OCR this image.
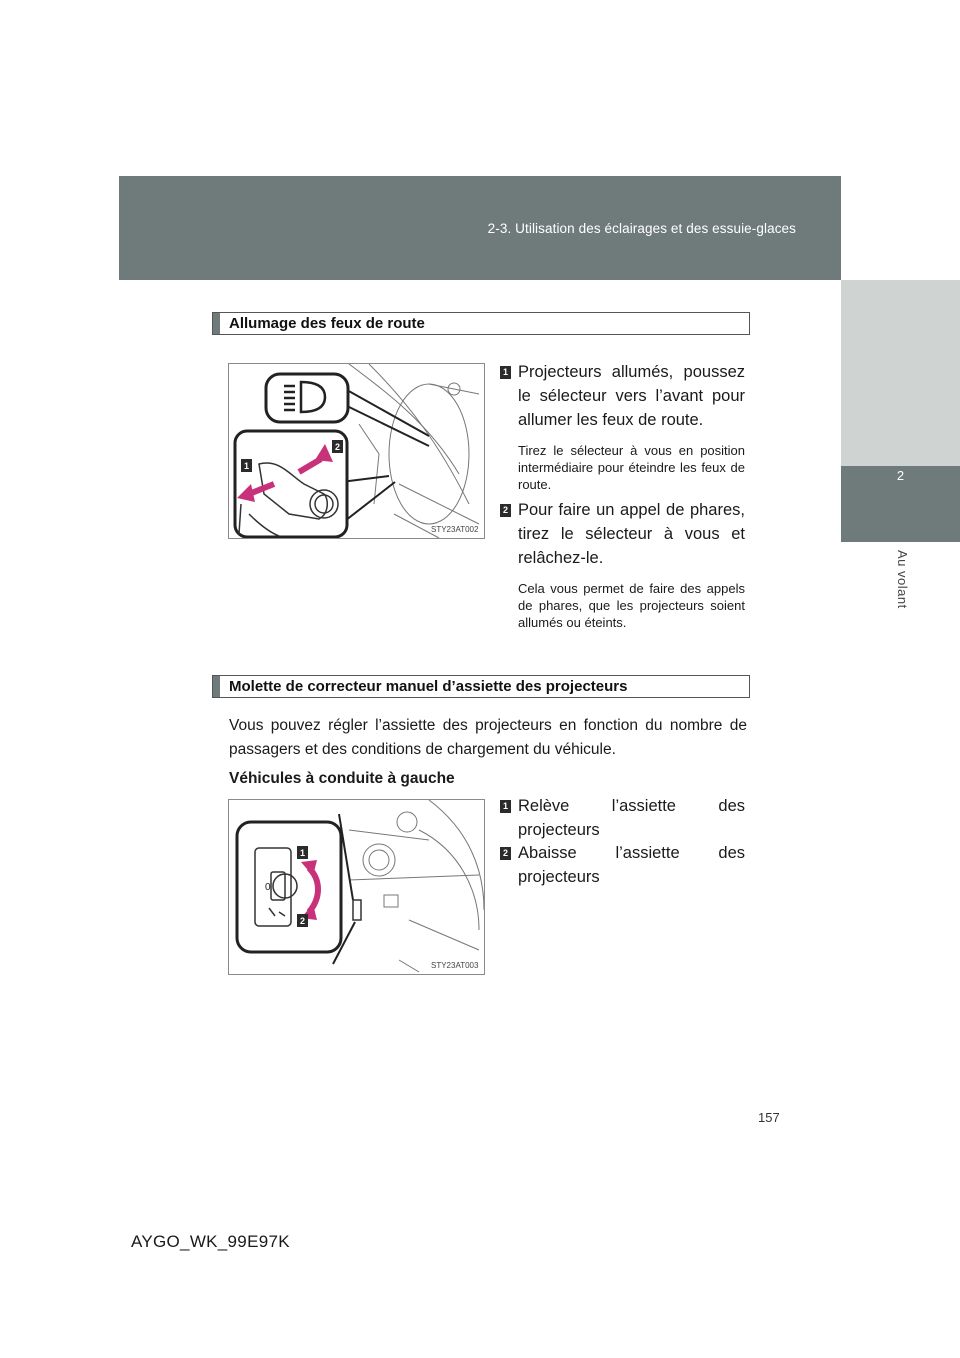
2-3. Utilisation des éclairages et des essuie-glaces
2
Au volant
Allumage des feux de route
1
2
STY23AT002
1 Projecteurs allumés, poussez le sélecteur vers l’avant pour allumer les feux de route.
Tirez le sélecteur à vous en position intermédiaire pour éteindre les feux de route.
2 Pour faire un appel de phares, tirez le sélecteur à vous et relâchez-le.
Cela vous permet de faire des appels de phares, que les projecteurs soient allumés ou éteints.
Molette de correcteur manuel d’assiette des projecteurs
Vous pouvez régler l’assiette des projecteurs en fonction du nombre de passagers et des conditions de chargement du véhicule.
Véhicules à conduite à gauche
0
1
2
STY23AT003
1 Relève l’assiette des projecteurs
2 Abaisse l’assiette des projecteurs
157
AYGO_WK_99E97K
